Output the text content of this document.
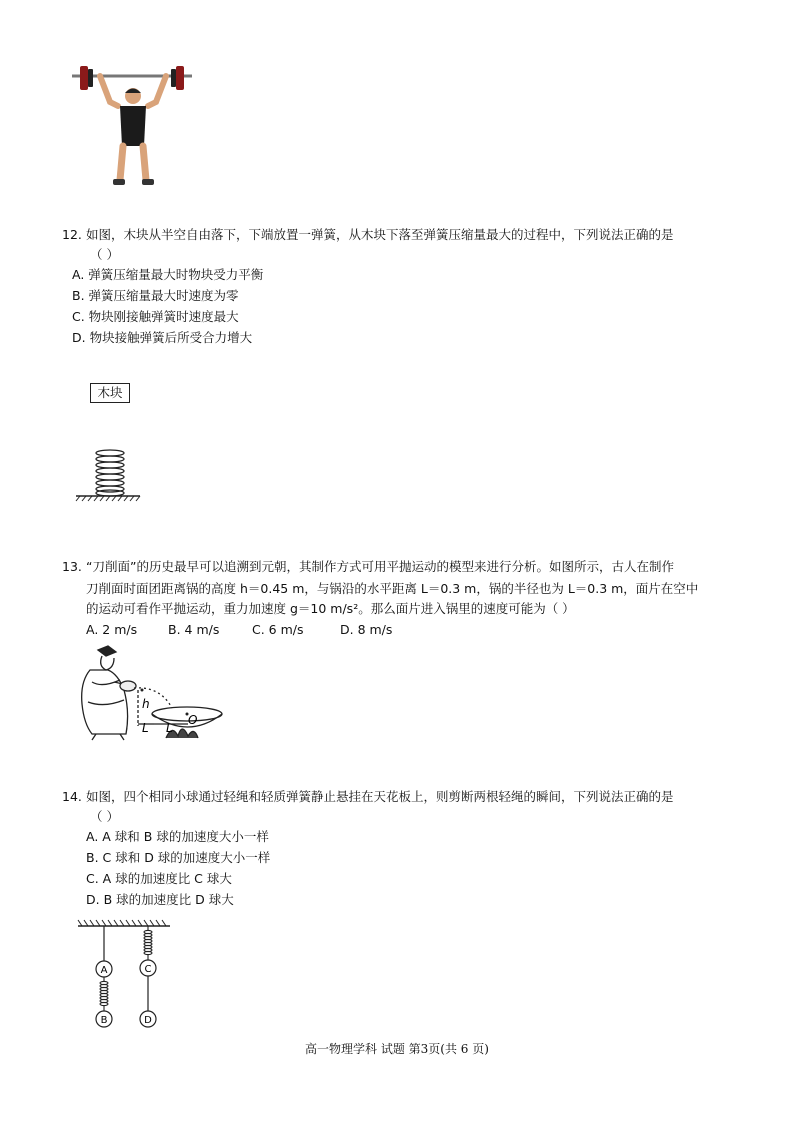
12. 如图，木块从半空自由落下，下端放置一弹簧，从木块下落至弹簧压缩量最大的过程中，下列说法正确的是
（ ）
A. 弹簧压缩量最大时物块受力平衡
B. 弹簧压缩量最大时速度为零
C. 物块刚接触弹簧时速度最大
D. 物块接触弹簧后所受合力增大
木块
13. “刀削面”的历史最早可以追溯到元朝，其制作方式可用平抛运动的模型来进行分析。如图所示，古人在制作
刀削面时面团距离锅的高度 h＝0.45 m，与锅沿的水平距离 L＝0.3 m，锅的半径也为 L＝0.3 m，面片在空中
的运动可看作平抛运动，重力加速度 g＝10 m/s²。那么面片进入锅里的速度可能为（ ）
A. 2 m/s B. 4 m/s	C. 6 m/s	D. 8 m/s
h
L L
O
14. 如图，四个相同小球通过轻绳和轻质弹簧静止悬挂在天花板上，则剪断两根轻绳的瞬间，下列说法正确的是
（ ）
A. A 球和 B 球的加速度大小一样
B. C 球和 D 球的加速度大小一样
C. A 球的加速度比 C 球大
D. B 球的加速度比 D 球大
A
B
C
D
高一物理学科 试题 第3页(共 6 页)
